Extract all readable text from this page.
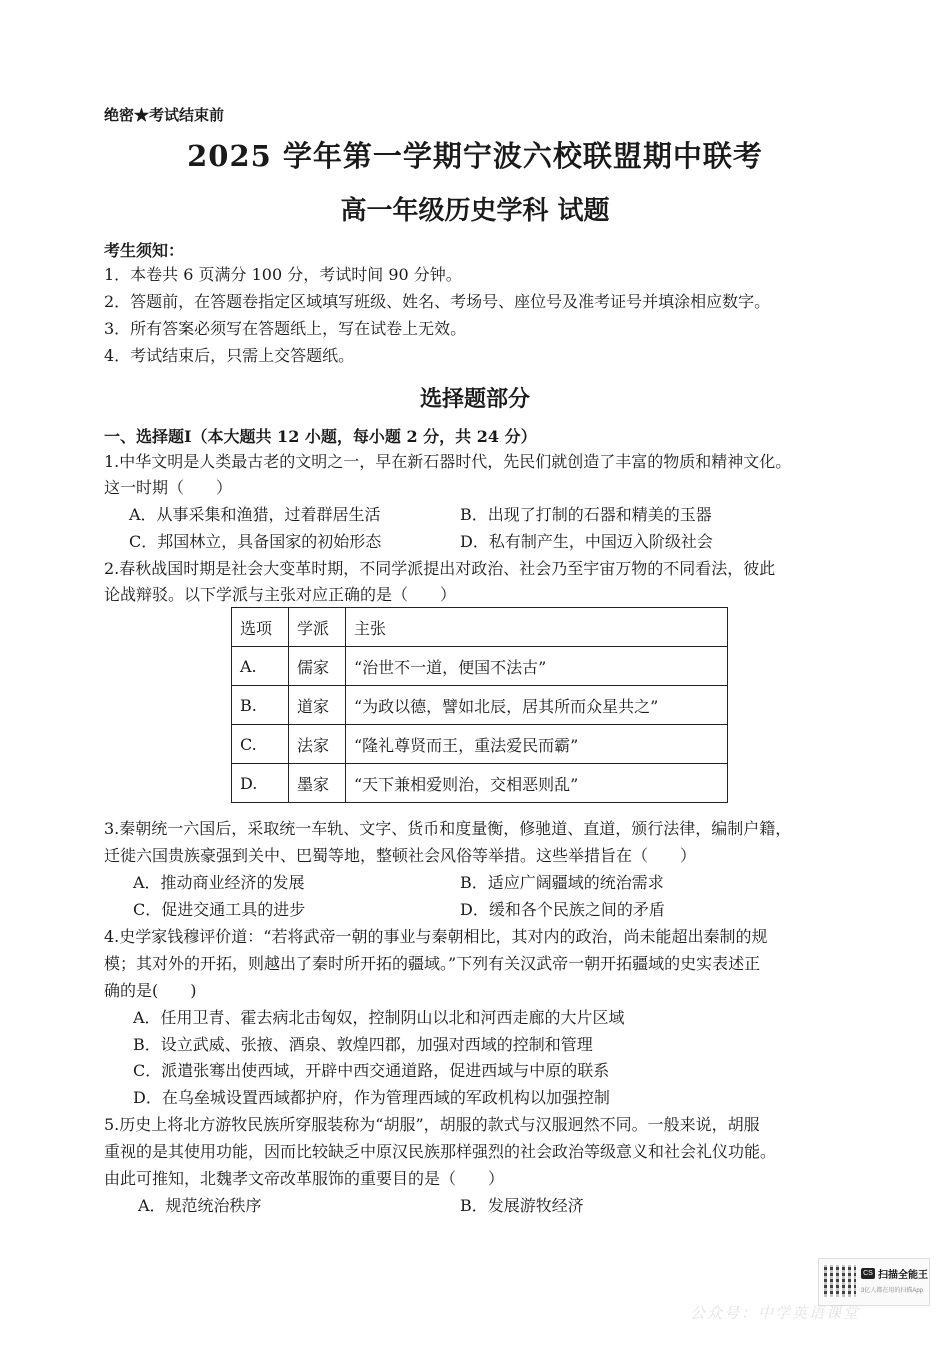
绝密★考试结束前
2025 学年第一学期宁波六校联盟期中联考
高一年级历史学科 试题
考生须知：
1．本卷共 6 页满分 100 分，考试时间 90 分钟。
2．答题前，在答题卷指定区域填写班级、姓名、考场号、座位号及准考证号并填涂相应数字。
3．所有答案必须写在答题纸上，写在试卷上无效。
4．考试结束后，只需上交答题纸。
选择题部分
一、选择题Ⅰ（本大题共 12 小题，每小题 2 分，共 24 分）
1.中华文明是人类最古老的文明之一，早在新石器时代，先民们就创造了丰富的物质和精神文化。
这一时期（　　）
A．从事采集和渔猎，过着群居生活	B．出现了打制的石器和精美的玉器
C．邦国林立，具备国家的初始形态	D．私有制产生，中国迈入阶级社会
2.春秋战国时期是社会大变革时期，不同学派提出对政治、社会乃至宇宙万物的不同看法，彼此
论战辩驳。以下学派与主张对应正确的是（　　）
选项	学派	主张
A.	儒家	“治世不一道，便国不法古”
B.	道家	“为政以德，譬如北辰，居其所而众星共之”
C.	法家	“隆礼尊贤而王，重法爱民而霸”
D.	墨家	“天下兼相爱则治，交相恶则乱”
3.秦朝统一六国后，采取统一车轨、文字、货币和度量衡，修驰道、直道，颁行法律，编制户籍，
迁徙六国贵族豪强到关中、巴蜀等地，整顿社会风俗等举措。这些举措旨在（　　）
A．推动商业经济的发展	B．适应广阔疆域的统治需求
C．促进交通工具的进步	D．缓和各个民族之间的矛盾
4.史学家钱穆评价道：“若将武帝一朝的事业与秦朝相比，其对内的政治，尚未能超出秦制的规
模；其对外的开拓，则越出了秦时所开拓的疆域。”下列有关汉武帝一朝开拓疆域的史实表述正
确的是(　　)
A．任用卫青、霍去病北击匈奴，控制阴山以北和河西走廊的大片区域
B．设立武威、张掖、酒泉、敦煌四郡，加强对西域的控制和管理
C．派遣张骞出使西域，开辟中西交通道路，促进西域与中原的联系
D．在乌垒城设置西域都护府，作为管理西域的军政机构以加强控制
5.历史上将北方游牧民族所穿服装称为“胡服”，胡服的款式与汉服迥然不同。一般来说，胡服
重视的是其使用功能，因而比较缺乏中原汉民族那样强烈的社会政治等级意义和社会礼仪功能。
由此可推知，北魏孝文帝改革服饰的重要目的是（　　）
A．规范统治秩序	B．发展游牧经济
CS 扫描全能王
3亿人都在用的扫描App
公众号：中学英语课堂
